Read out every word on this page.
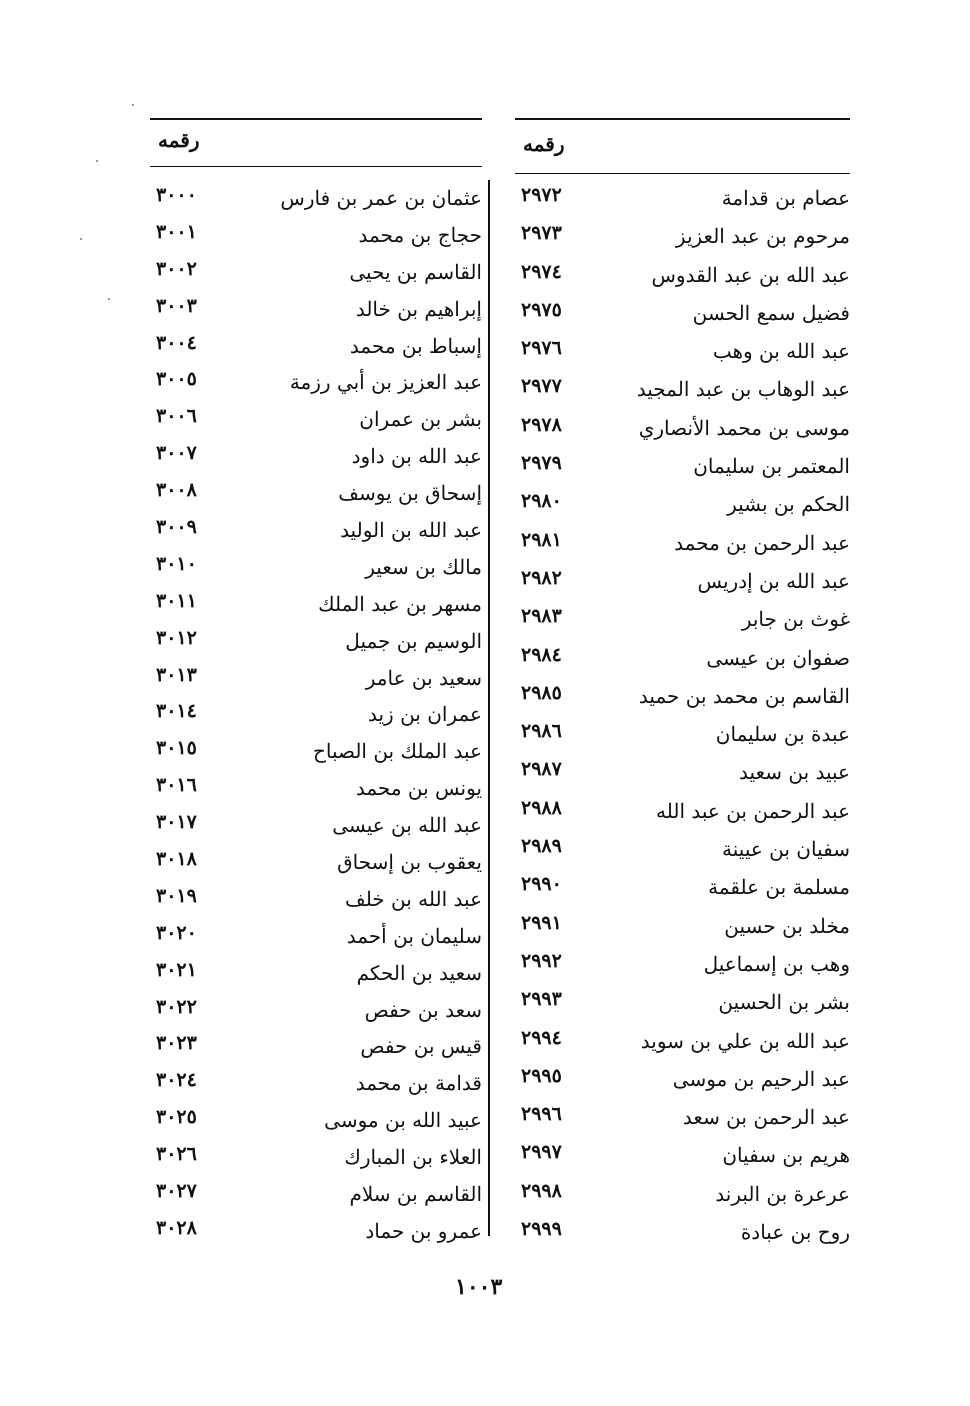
رقمه
عصام بن قدامة
٢٩٧٢
مرحوم بن عبد العزيز
٢٩٧٣
عبد الله بن عبد القدوس
٢٩٧٤
فضيل سمع الحسن
٢٩٧٥
عبد الله بن وهب
٢٩٧٦
عبد الوهاب بن عبد المجيد
٢٩٧٧
موسى بن محمد الأنصاري
٢٩٧٨
المعتمر بن سليمان
٢٩٧٩
الحكم بن بشير
٢٩٨٠
عبد الرحمن بن محمد
٢٩٨١
عبد الله بن إدريس
٢٩٨٢
غوث بن جابر
٢٩٨٣
صفوان بن عيسى
٢٩٨٤
القاسم بن محمد بن حميد
٢٩٨٥
عبدة بن سليمان
٢٩٨٦
عبيد بن سعيد
٢٩٨٧
عبد الرحمن بن عبد الله
٢٩٨٨
سفيان بن عيينة
٢٩٨٩
مسلمة بن علقمة
٢٩٩٠
مخلد بن حسين
٢٩٩١
وهب بن إسماعيل
٢٩٩٢
بشر بن الحسين
٢٩٩٣
عبد الله بن علي بن سويد
٢٩٩٤
عبد الرحيم بن موسى
٢٩٩٥
عبد الرحمن بن سعد
٢٩٩٦
هريم بن سفيان
٢٩٩٧
عرعرة بن البرند
٢٩٩٨
روح بن عبادة
٢٩٩٩
رقمه
عثمان بن عمر بن فارس
٣٠٠٠
حجاج بن محمد
٣٠٠١
القاسم بن يحيى
٣٠٠٢
إبراهيم بن خالد
٣٠٠٣
إسباط بن محمد
٣٠٠٤
عبد العزيز بن أبي رزمة
٣٠٠٥
بشر بن عمران
٣٠٠٦
عبد الله بن داود
٣٠٠٧
إسحاق بن يوسف
٣٠٠٨
عبد الله بن الوليد
٣٠٠٩
مالك بن سعير
٣٠١٠
مسهر بن عبد الملك
٣٠١١
الوسيم بن جميل
٣٠١٢
سعيد بن عامر
٣٠١٣
عمران بن زيد
٣٠١٤
عبد الملك بن الصباح
٣٠١٥
يونس بن محمد
٣٠١٦
عبد الله بن عيسى
٣٠١٧
يعقوب بن إسحاق
٣٠١٨
عبد الله بن خلف
٣٠١٩
سليمان بن أحمد
٣٠٢٠
سعيد بن الحكم
٣٠٢١
سعد بن حفص
٣٠٢٢
قيس بن حفص
٣٠٢٣
قدامة بن محمد
٣٠٢٤
عبيد الله بن موسى
٣٠٢٥
العلاء بن المبارك
٣٠٢٦
القاسم بن سلام
٣٠٢٧
عمرو بن حماد
٣٠٢٨
١٠٠٣
